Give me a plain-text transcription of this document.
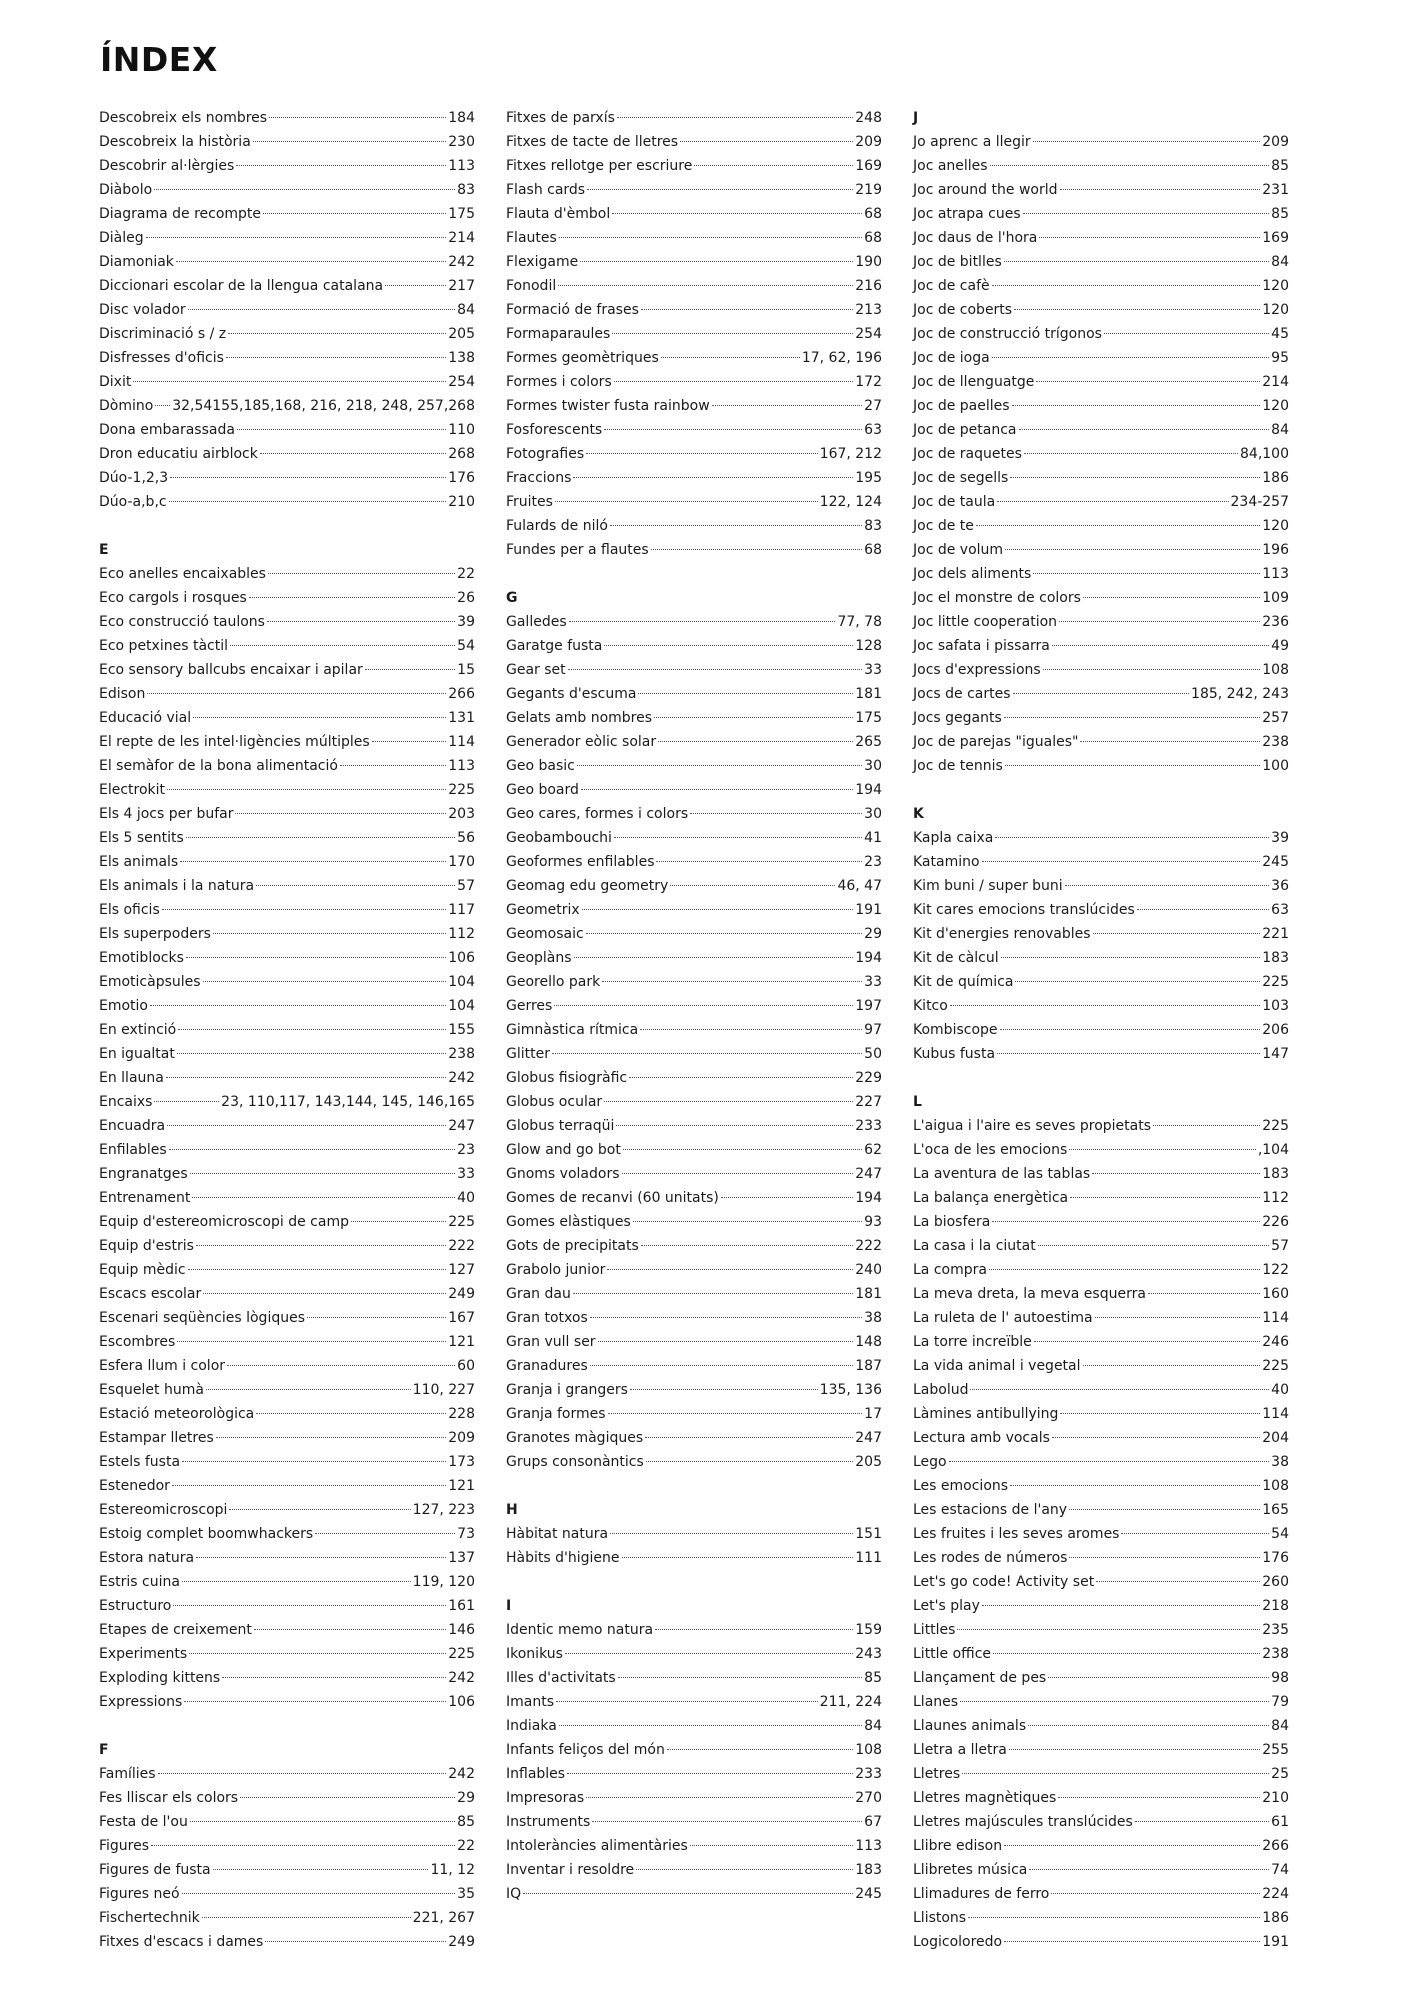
ÍNDEX
Descobreix els nombres	184
Descobreix la història	230
Descobrir al·lèrgies	113
Diàbolo	83
Diagrama de recompte	175
Diàleg	214
Diamoniak	242
Diccionari escolar de la llengua catalana	217
Disc volador	84
Discriminació s / z	205
Disfresses d'oficis	138
Dixit	254
Dòmino 32,54155,185,168, 216, 218, 248, 257,268
Dona embarassada	110
Dron educatiu airblock	268
Dúo-1,2,3	176
Dúo-a,b,c	210
E
Eco anelles encaixables	22
Eco cargols i rosques	26
Eco construcció taulons	39
Eco petxines tàctil	54
Eco sensory ballcubs encaixar i apilar	15
Edison	266
Educació vial	131
El repte de les intel·ligències múltiples	114
El semàfor de la bona alimentació	113
Electrokit	225
Els 4 jocs per bufar	203
Els 5 sentits	56
Els animals	170
Els animals i la natura	57
Els oficis	117
Els superpoders	112
Emotiblocks	106
Emoticàpsules	104
Emotio	104
En extinció	155
En igualtat	238
En llauna	242
Encaixs	23, 110,117, 143,144, 145, 146,165
Encuadra	247
Enfilables	23
Engranatges	33
Entrenament	40
Equip d'estereomicroscopi de camp	225
Equip d'estris	222
Equip mèdic	127
Escacs escolar	249
Escenari seqüències lògiques	167
Escombres	121
Esfera llum i color	60
Esquelet humà	110, 227
Estació meteorològica	228
Estampar lletres	209
Estels fusta	173
Estenedor	121
Estereomicroscopi	127, 223
Estoig complet boomwhackers	73
Estora natura	137
Estris cuina	119, 120
Estructuro	161
Etapes de creixement	146
Experiments	225
Exploding kittens	242
Expressions	106
F
Famílies	242
Fes lliscar els colors	29
Festa de l'ou	85
Figures	22
Figures de fusta	11, 12
Figures neó	35
Fischertechnik	221, 267
Fitxes d'escacs i dames	249
Fitxes de parxís	248
Fitxes de tacte de lletres	209
Fitxes rellotge per escriure	169
Flash cards	219
Flauta d'èmbol	68
Flautes	68
Flexigame	190
Fonodil	216
Formació de frases	213
Formaparaules	254
Formes geomètriques	17, 62, 196
Formes i colors	172
Formes twister fusta rainbow	27
Fosforescents	63
Fotografies	167, 212
Fraccions	195
Fruites	122, 124
Fulards de niló	83
Fundes per a flautes	68
G
Galledes	77, 78
Garatge fusta	128
Gear set	33
Gegants d'escuma	181
Gelats amb nombres	175
Generador eòlic solar	265
Geo basic	30
Geo board	194
Geo cares, formes i colors	30
Geobambouchi	41
Geoformes enfilables	23
Geomag edu geometry	46, 47
Geometrix	191
Geomosaic	29
Geoplàns	194
Georello park	33
Gerres	197
Gimnàstica rítmica	97
Glitter	50
Globus fisiogràfic	229
Globus ocular	227
Globus terraqüi	233
Glow and go bot	62
Gnoms voladors	247
Gomes de recanvi (60 unitats)	194
Gomes elàstiques	93
Gots de precipitats	222
Grabolo junior	240
Gran dau	181
Gran totxos	38
Gran vull ser	148
Granadures	187
Granja i grangers	135, 136
Granja formes	17
Granotes màgiques	247
Grups consonàntics	205
H
Hàbitat natura	151
Hàbits d'higiene	111
I
Identic memo natura	159
Ikonikus	243
Illes d'activitats	85
Imants	211, 224
Indiaka	84
Infants feliços del món	108
Inflables	233
Impresoras	270
Instruments	67
Intoleràncies alimentàries	113
Inventar i resoldre	183
IQ	245
J
Jo aprenc a llegir	209
Joc anelles	85
Joc around the world	231
Joc atrapa cues	85
Joc daus de l'hora	169
Joc de bitlles	84
Joc de cafè	120
Joc de coberts	120
Joc de construcció trígonos	45
Joc de ioga	95
Joc de llenguatge	214
Joc de paelles	120
Joc de petanca	84
Joc de raquetes	84,100
Joc de segells	186
Joc de taula	234-257
Joc de te	120
Joc de volum	196
Joc dels aliments	113
Joc el monstre de colors	109
Joc little cooperation	236
Joc safata i pissarra	49
Jocs d'expressions	108
Jocs de cartes	185, 242, 243
Jocs gegants	257
Joc de parejas "iguales"	238
Joc de tennis	100
K
Kapla caixa	39
Katamino	245
Kim buni / super buni	36
Kit cares emocions translúcides	63
Kit d'energies renovables	221
Kit de càlcul	183
Kit de química	225
Kitco	103
Kombiscope	206
Kubus fusta	147
L
L'aigua i l'aire es seves propietats	225
L'oca de les emocions	,104
La aventura de las tablas	183
La balança energètica	112
La biosfera	226
La casa i la ciutat	57
La compra	122
La meva dreta, la meva esquerra	160
La ruleta de l' autoestima	114
La torre increïble	246
La vida animal i vegetal	225
Labolud	40
Làmines antibullying	114
Lectura amb vocals	204
Lego	38
Les emocions	108
Les estacions de l'any	165
Les fruites i les seves aromes	54
Les rodes de números	176
Let's go code! Activity set	260
Let's play	218
Littles	235
Little office	238
Llançament de pes	98
Llanes	79
Llaunes animals	84
Lletra a lletra	255
Lletres	25
Lletres magnètiques	210
Lletres majúscules translúcides	61
Llibre edison	266
Llibretes música	74
Llimadures de ferro	224
Llistons	186
Logicoloredo	191
